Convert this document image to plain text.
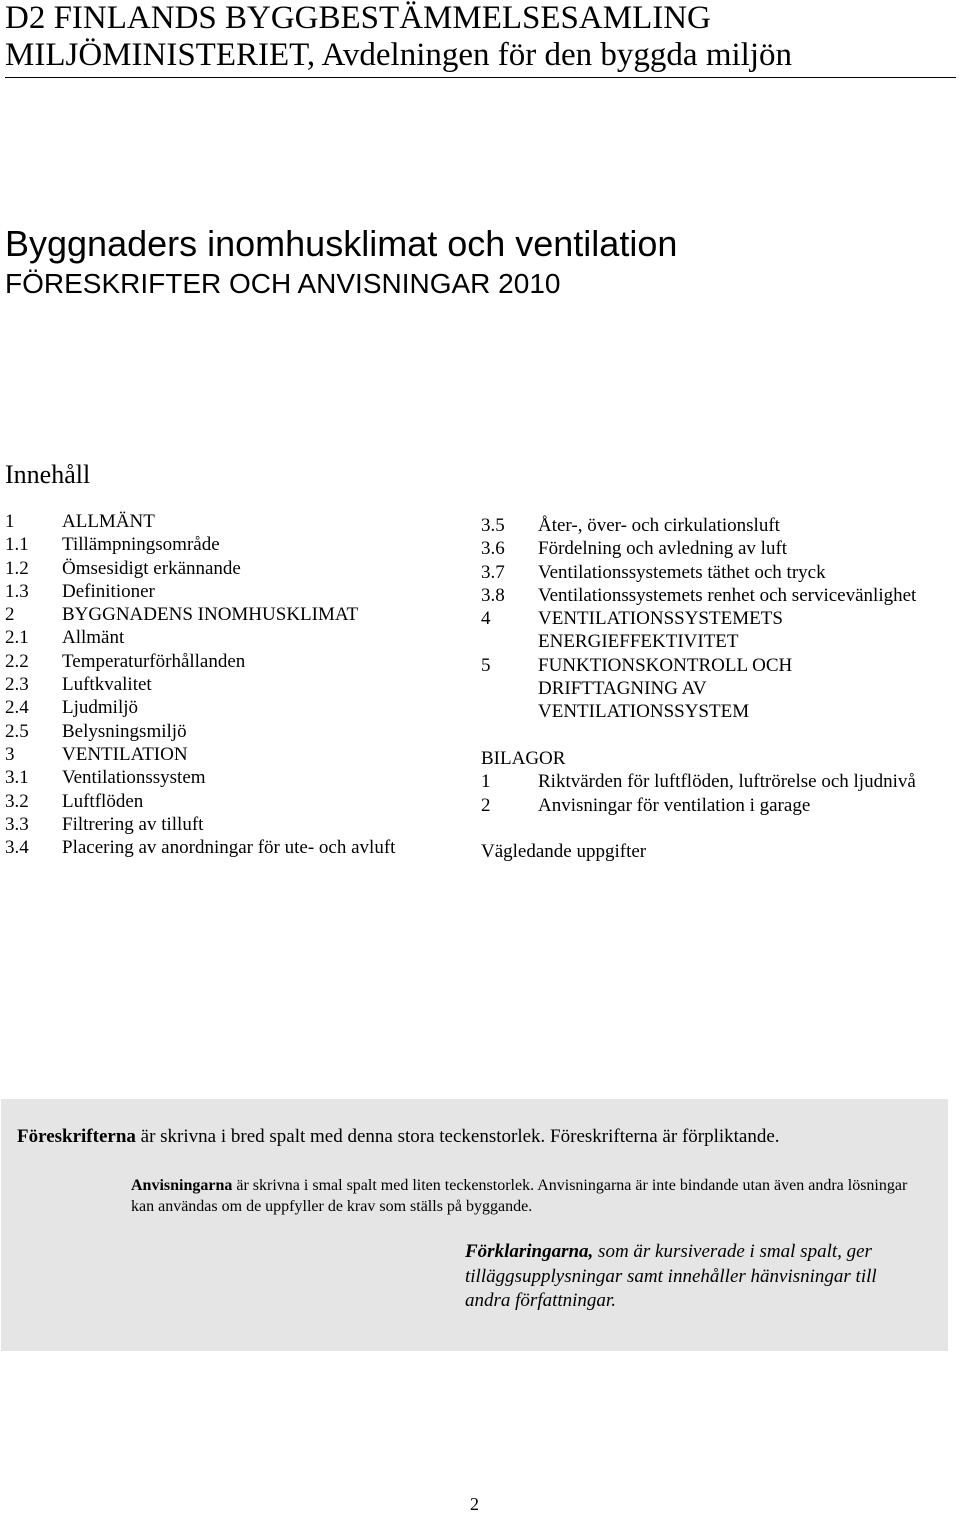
D2 FINLANDS BYGGBESTÄMMELSESAMLING
MILJÖMINISTERIET, Avdelningen för den byggda miljön
Byggnaders inomhusklimat och ventilation
FÖRESKRIFTER OCH ANVISNINGAR 2010
Innehåll
1	ALLMÄNT
1.1 Tillämpningsområde
1.2 Ömsesidigt erkännande
1.3 Definitioner
2	BYGGNADENS INOMHUSKLIMAT
2.1 Allmänt
2.2 Temperaturförhållanden
2.3 Luftkvalitet
2.4 Ljudmiljö
2.5 Belysningsmiljö
3	VENTILATION
3.1 Ventilationssystem
3.2 Luftflöden
3.3 Filtrering av tilluft
3.4 Placering av anordningar för ute- och avluft
3.5 Åter-, över- och cirkulationsluft
3.6 Fördelning och avledning av luft
3.7 Ventilationssystemets täthet och tryck
3.8 Ventilationssystemets renhet och servicevänlighet
4	VENTILATIONSSYSTEMETS
ENERGIEFFEKTIVITET
5	FUNKTIONSKONTROLL OCH
DRIFTTAGNING AV
VENTILATIONSSYSTEM
BILAGOR
1	Riktvärden för luftflöden, luftrörelse och ljudnivå
2	Anvisningar för ventilation i garage
Vägledande uppgifter
Föreskrifterna är skrivna i bred spalt med denna stora teckenstorlek. Föreskrifterna är förpliktande.
Anvisningarna är skrivna i smal spalt med liten teckenstorlek. Anvisningarna är inte bindande utan även andra lösningar kan användas om de uppfyller de krav som ställs på byggande.
Förklaringarna, som är kursiverade i smal spalt, ger tilläggsupplysningar samt innehåller hänvisningar till andra författningar.
2
